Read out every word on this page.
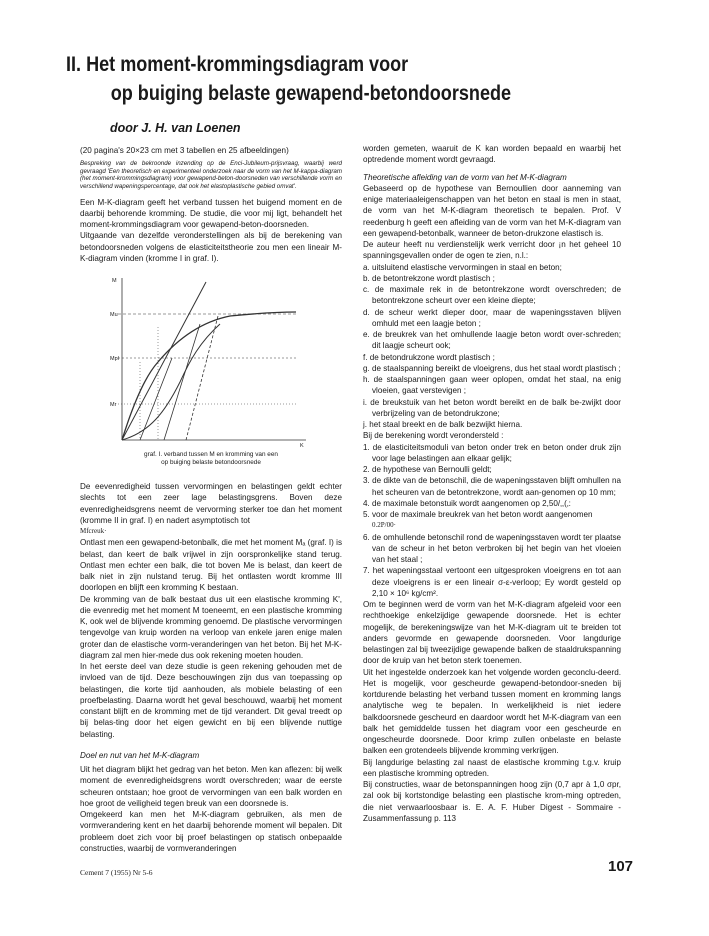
II. Het moment-krommingsdiagram voor
op buiging belaste gewapend-betondoorsnede
door J. H. van Loenen

(20 pagina's 20×23 cm met 3 tabellen en 25 afbeeldingen)

Bespreking van de bekroonde inzending op de Enci-Jubileum-prijsvraag, waarbij werd gevraagd 'Een theoretisch en experimenteel onderzoek naar de vorm van het M-kappa-diagram (het moment-krommingsdiagram) voor gewapend-beton-doorsneden van verschillende vorm en verschillend wapeningspercentage, dat ook het elastoplastische gebied omvat'.

Een M-K-diagram geeft het verband tussen het buigend moment en de daarbij behorende kromming. De studie, die voor mij ligt, behandelt het moment-krommingsdiagram voor gewapend-beton-doorsneden.

Uitgaande van dezelfde veronderstellingen als bij de berekening van betondoorsneden volgens de elasticiteitstheorie zou men een lineair M-K-diagram vinden (kromme I in graf. I).

M
K
Mu
Mpl
Mr

graf. I. verband tussen M en kromming van een
op buiging belaste betondoorsnede

De eevenredigheid tussen vervormingen en belastingen geldt echter slechts tot een zeer lage belastingsgrens. Boven deze evenredigheidsgrens neemt de vervorming sterker toe dan het moment (kromme II in graf. I) en nadert asymptotisch tot

Mfcreuk·

Ontlast men een gewapend-betonbalk, die met het moment Mₐ (graf. I) is belast, dan keert de balk vrijwel in zijn oorspronkelijke stand terug. Ontlast men echter een balk, die tot boven Me is belast, dan keert de balk niet in zijn nulstand terug. Bij het ontlasten wordt kromme III doorlopen en blijft een kromming K bestaan.

De kromming van de balk bestaat dus uit een elastische kromming K', die evenredig met het moment M toeneemt, en een plastische kromming K, ook wel de blijvende kromming genoemd. De plastische vervormingen tengevolge van kruip worden na verloop van enkele jaren enige malen groter dan de elastische vorm-veranderingen van het beton. Bij het M-K-diagram zal men hier-mede dus ook rekening moeten houden.

In het eerste deel van deze studie is geen rekening gehouden met de invloed van de tijd. Deze beschouwingen zijn dus van toepassing op belastingen, die korte tijd aanhouden, als mobiele belasting of een proefbelasting. Daarna wordt het geval beschouwd, waarbij het moment constant blijft en de kromming met de tijd verandert. Dit geval treedt op bij belas-ting door het eigen gewicht en bij een blijvende nuttige belasting.

Doel en nut van het M-K-diagram

Uit het diagram blijkt het gedrag van het beton. Men kan aflezen: bij welk moment de evenredigheidsgrens wordt overschreden; waar de eerste scheuren ontstaan; hoe groot de vervormingen van een balk worden en hoe groot de veiligheid tegen breuk van een doorsnede is.

Omgekeerd kan men het M-K-diagram gebruiken, als men de vormverandering kent en het daarbij behorende moment wil bepalen. Dit probleem doet zich voor bij proef belastingen op statisch onbepaalde constructies, waarbij de vormveranderingen

worden gemeten, waaruit de K kan worden bepaald en waarbij het optredende moment wordt gevraagd.

Theoretische afleiding van de vorm van het M-K-diagram

Gebaseerd op de hypothese van Bernoullien door aanneming van enige materiaaleigenschappen van het beton en staal is men in staat, de vorm van het M-K-diagram theoretisch te bepalen. Prof. V reedenburg h geeft een afleiding van de vorm van het M-K-diagram van een gewapend-betonbalk, wanneer de beton-drukzone elastisch is.

De auteur heeft nu verdienstelijk werk verricht door ¡n het geheel 10 spanningsgevallen onder de ogen te zien, n.l.:

a. uitsluitend elastische vervormingen in staal en beton;

b. de betontrekzone wordt plastisch ;

c. de maximale rek in de betontrekzone wordt overschreden; de betontrekzone scheurt over een kleine diepte;

d. de scheur werkt dieper door, maar de wapeningsstaven blijven omhuld met een laagje beton ;

e. de breukrek van het omhullende laagje beton wordt over-schreden; dit laagje scheurt ook;

f. de betondrukzone wordt plastisch ;

g. de staalspanning bereikt de vloeigrens, dus het staal wordt plastisch ;

h. de staalspanningen gaan weer oplopen, omdat het staal, na enig vloeien, gaat verstevigen ;

i. de breukstuik van het beton wordt bereikt en de balk be-zwijkt door verbrijzeling van de betondrukzone;

j. het staal breekt en de balk bezwijkt hierna.

Bij de berekening wordt verondersteld :

1. de elasticiteitsmoduli van beton onder trek en beton onder druk zijn voor lage belastingen aan elkaar gelijk;

2. de hypothese van Bernoulli geldt;

3. de dikte van de betonschil, die de wapeningsstaven blijft omhullen na het scheuren van de betontrekzone, wordt aan-genomen op 10 mm;

4. de maximale betonstuik wordt aangenomen op 2,50/‚,(‚:

5. voor de maximale breukrek van het beton wordt aangenomen

0.2P/00·

6. de omhullende betonschil rond de wapeningsstaven wordt ter plaatse van de scheur in het beton verbroken bij het begin van het vloeien van het staal ;

7. het wapeningsstaal vertoont een uitgesproken vloeigrens en tot aan deze vloeigrens is er een lineair σ-ε-verloop; Ey wordt gesteld op 2,10 × 10⁶ kg/cm².

Om te beginnen werd de vorm van het M-K-diagram afgeleid voor een rechthoekige enkelzijdige gewapende doorsnede. Het is echter mogelijk, de berekeningswijze van het M-K-diagram uit te breiden tot anders gevormde en gewapende doorsneden. Voor langdurige belastingen zal bij tweezijdige gewapende balken de staaldrukspanning door de kruip van het beton sterk toenemen.

Uit het ingestelde onderzoek kan het volgende worden geconclu-deerd. Het is mogelijk, voor gescheurde gewapend-betondoor-sneden bij kortdurende belasting het verband tussen moment en kromming langs analytische weg te bepalen. In werkelijkheid is niet iedere balkdoorsnede gescheurd en daardoor wordt het M-K-diagram van een balk het gemiddelde tussen het diagram voor een gescheurde en ongescheurde doorsnede. Door krimp zullen onbelaste en belaste balken een grotendeels blijvende kromming verkrijgen.

Bij langdurige belasting zal naast de elastische kromming t.g.v. kruip een plastische kromming optreden.

Bij constructies, waar de betonspanningen hoog zijn (0,7 apr à 1,0 σpr, zal ook bij kortstondige belasting een plastische krom-ming optreden, die niet verwaarloosbaar is. E. A. F. Huber Digest - Sommaire - Zusammenfassung p. 113

Cement 7 (1955) Nr 5-6	107
